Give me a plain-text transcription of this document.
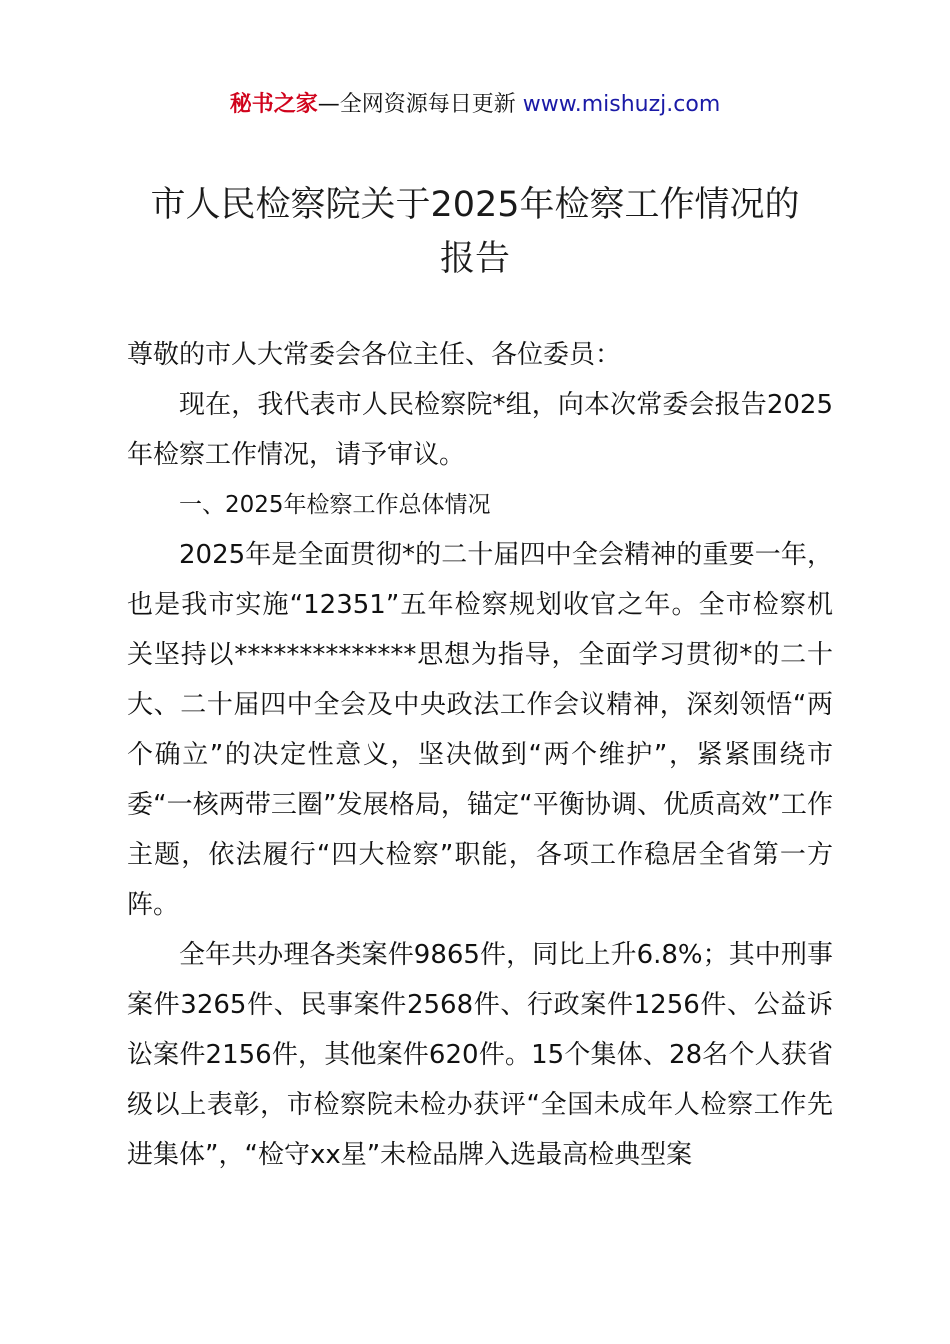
秘书之家—全网资源每日更新 www.mishuzj.com
市人民检察院关于2025年检察工作情况的
报告

尊敬的市人大常委会各位主任、各位委员：

现在，我代表市人民检察院*组，向本次常委会报告2025年检察工作情况，请予审议。

一、2025年检察工作总体情况

2025年是全面贯彻*的二十届四中全会精神的重要一年，也是我市实施“12351”五年检察规划收官之年。全市检察机关坚持以**************思想为指导，全面学习贯彻*的二十大、二十届四中全会及中央政法工作会议精神，深刻领悟“两个确立”的决定性意义，坚决做到“两个维护”，紧紧围绕市委“一核两带三圈”发展格局，锚定“平衡协调、优质高效”工作主题，依法履行“四大检察”职能，各项工作稳居全省第一方阵。

全年共办理各类案件9865件，同比上升6.8%；其中刑事案件3265件、民事案件2568件、行政案件1256件、公益诉讼案件2156件，其他案件620件。15个集体、28名个人获省级以上表彰，市检察院未检办获评“全国未成年人检察工作先进集体”，“检守xx星”未检品牌入选最高检典型案
